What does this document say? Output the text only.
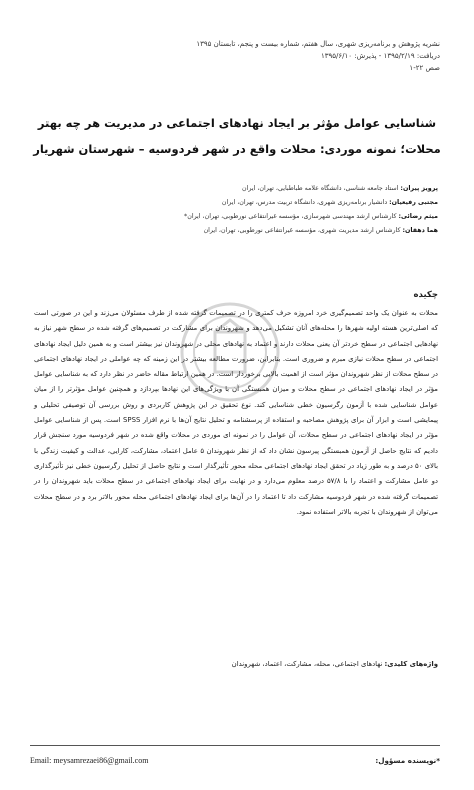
نشریه پژوهش و برنامه‌ریزی شهری، سال هفتم، شماره بیست و پنجم، تابستان ۱۳۹۵
دریافت: ۱۳۹۵/۲/۱۹ - پذیرش: ۱۳۹۵/۶/۱۰
صص ۲۲-۱
شناسایی عوامل مؤثر بر ایجاد نهادهای اجتماعی در مدیریت هر چه بهتر
محلات؛ نمونه موردی: محلات واقع در شهر فردوسیه – شهرستان شهریار
پرویز پیران: استاد جامعه شناسی، دانشگاه علامه طباطبایی، تهران، ایران
مجتبی رفیعیان: دانشیار برنامه‌ریزی شهری، دانشگاه تربیت مدرس، تهران، ایران
میثم رضائی: کارشناس ارشد مهندسی شهرسازی، مؤسسه غیرانتفاعی نورطوبی، تهران، ایران*
هما دهقان: کارشناس ارشد مدیریت شهری، مؤسسه غیرانتفاعی نورطوبی، تهران، ایران
چکیده
محلات به عنوان یک واحد تصمیم‌گیری خرد امروزه حرف کمتری را در تصمیمات گرفته شده از طرف مسئولان می‌زند و این در صورتی است که اصلی‌ترین هسته اولیه شهرها را محله‌های آنان تشکیل می‌دهد و شهروندان برای مشارکت در تصمیم‌های گرفته شده در سطح شهر نیاز به نهادهایی اجتماعی در سطح خردتر آن یعنی محلات دارند و اعتماد به نهادهای محلی در شهروندان نیز بیشتر است و به همین دلیل ایجاد نهادهای اجتماعی در سطح محلات نیازی مبرم و ضروری است. بنابراین، ضرورت مطالعه بیشتر در این زمینه که چه عواملی در ایجاد نهادهای اجتماعی در سطح محلات از نظر شهروندان مؤثر است از اهمیت بالایی برخوردار است. در همین ارتباط مقاله حاضر در نظر دارد که به شناسایی عوامل مؤثر در ایجاد نهادهای اجتماعی در سطح محلات و میزان همبستگی آن با ویژگی‌های این نهادها بپردازد و همچنین عوامل مؤثرتر را از میان عوامل شناسایی شده با آزمون رگرسیون خطی شناسایی کند. نوع تحقیق در این پژوهش کاربردی و روش بررسی آن توصیفی تحلیلی و پیمایشی است و ابزار آن برای پژوهش مصاحبه و استفاده از پرسشنامه و تحلیل نتایج آن‌ها با نرم افزار SPSS است. پس از شناسایی عوامل مؤثر در ایجاد نهادهای اجتماعی در سطح محلات، آن عوامل را در نمونه ای موردی در محلات واقع شده در شهر فردوسیه مورد سنجش قرار دادیم که نتایج حاصل از آزمون همبستگی پیرسون نشان داد که از نظر شهروندان ۵ عامل اعتماد، مشارکت، کارایی، عدالت و کیفیت زندگی با بالای ۵۰ درصد و به طور زیاد در تحقق ایجاد نهادهای اجتماعی محله محور تأثیرگذار است و نتایج حاصل از تحلیل رگرسیون خطی نیز تأثیرگذاری دو عامل مشارکت و اعتماد را با ۵۷/۸ درصد معلوم می‌دارد و در نهایت برای ایجاد نهادهای اجتماعی در سطح محلات باید شهروندان را در تصمیمات گرفته شده در شهر فردوسیه مشارکت داد تا اعتماد را در آن‌ها برای ایجاد نهادهای اجتماعی محله محور بالاتر برد و در سطح محلات می‌توان از شهروندان با تجربه بالاتر استفاده نمود.
واژه‌های کلیدی: نهادهای اجتماعی، محله، مشارکت، اعتماد، شهروندان
Email: meysamrezaei86@gmail.com	*نویسنده مسؤول:
